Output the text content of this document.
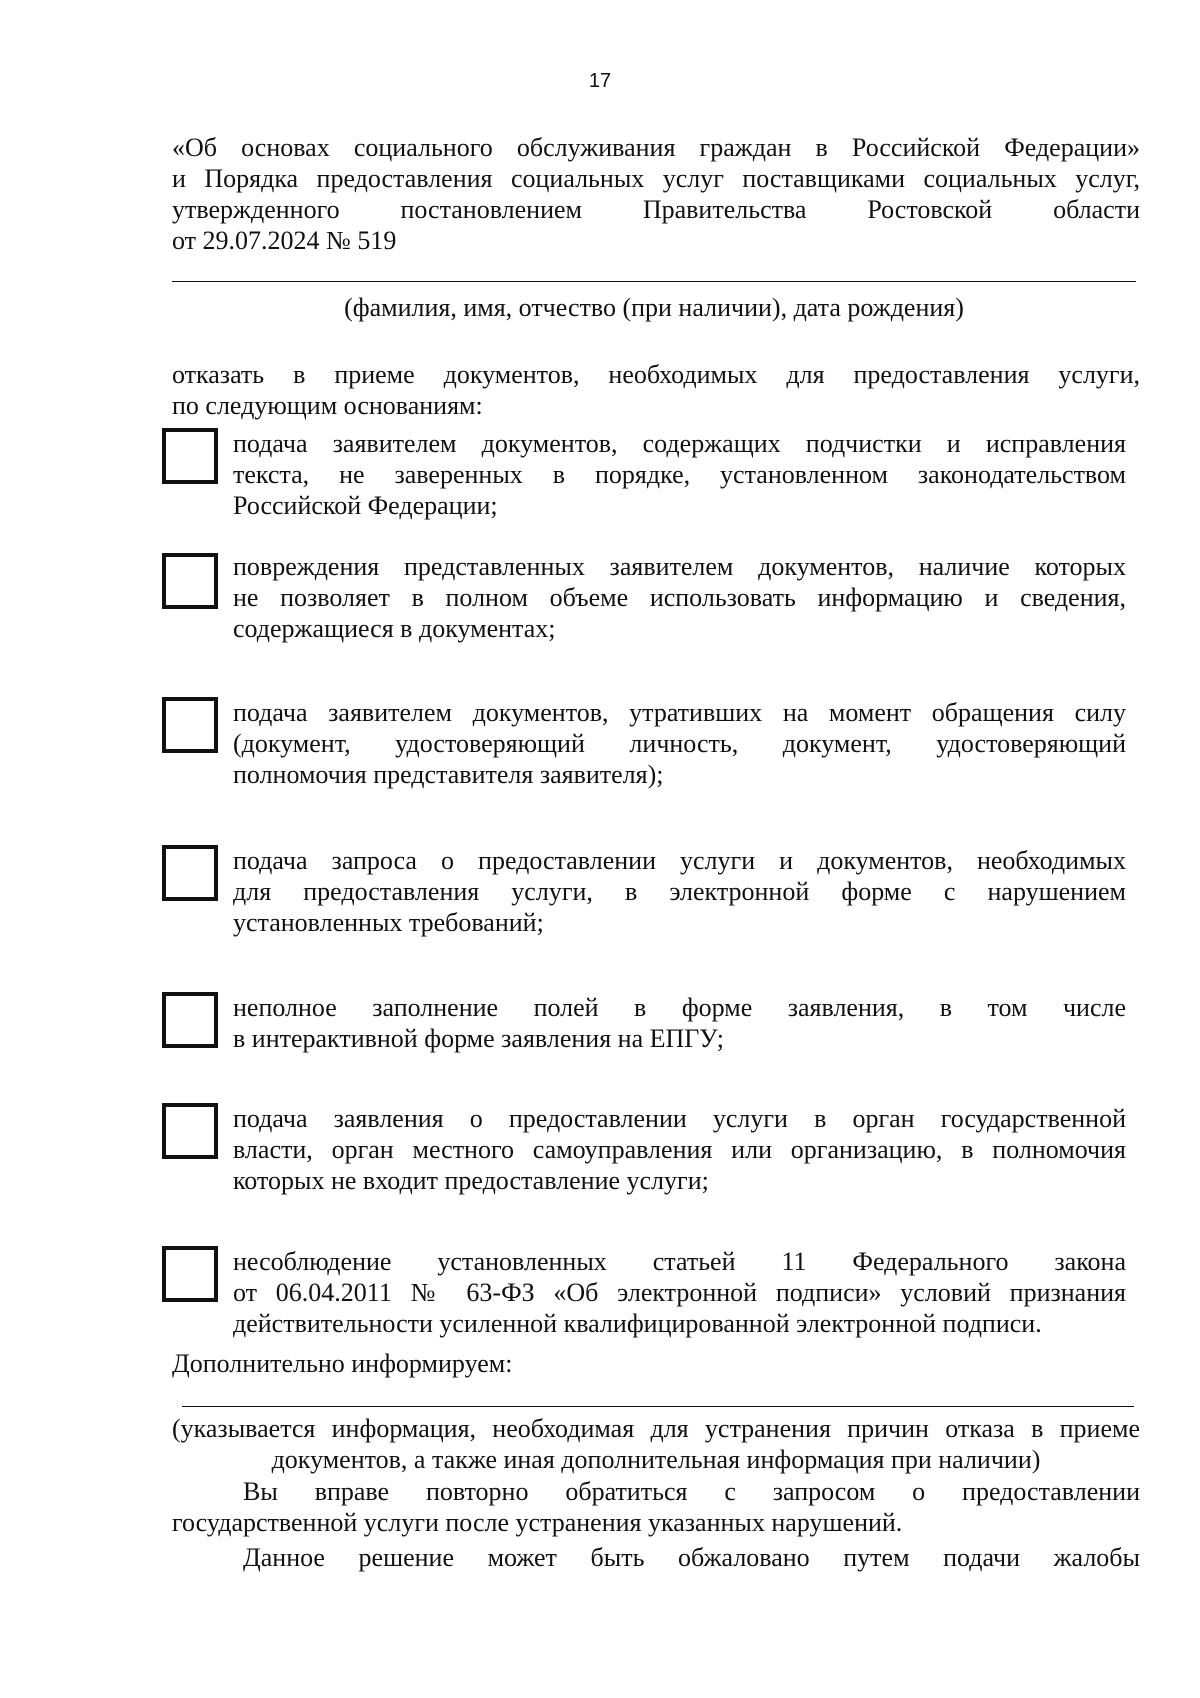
17
«Об основах социального обслуживания граждан в Российской Федерации»
и Порядка предоставления социальных услуг поставщиками социальных услуг,
утвержденного постановлением Правительства Ростовской области
от 29.07.2024 № 519
(фамилия, имя, отчество (при наличии), дата рождения)
отказать в приеме документов, необходимых для предоставления услуги,
по следующим основаниям:
подача заявителем документов, содержащих подчистки и исправления
текста, не заверенных в порядке, установленном законодательством
Российской Федерации;
повреждения представленных заявителем документов, наличие которых
не позволяет в полном объеме использовать информацию и сведения,
содержащиеся в документах;
подача заявителем документов, утративших на момент обращения силу
(документ, удостоверяющий личность, документ, удостоверяющий
полномочия представителя заявителя);
подача запроса о предоставлении услуги и документов, необходимых
для предоставления услуги, в электронной форме с нарушением
установленных требований;
неполное заполнение полей в форме заявления, в том числе
в интерактивной форме заявления на ЕПГУ;
подача заявления о предоставлении услуги в орган государственной
власти, орган местного самоуправления или организацию, в полномочия
которых не входит предоставление услуги;
несоблюдение установленных статьей 11 Федерального закона
от 06.04.2011 № 63-ФЗ «Об электронной подписи» условий признания
действительности усиленной квалифицированной электронной подписи.
Дополнительно информируем:
(указывается информация, необходимая для устранения причин отказа в приеме
документов, а также иная дополнительная информация при наличии)
Вы вправе повторно обратиться с запросом о предоставлении
государственной услуги после устранения указанных нарушений.
Данное решение может быть обжаловано путем подачи жалобы
